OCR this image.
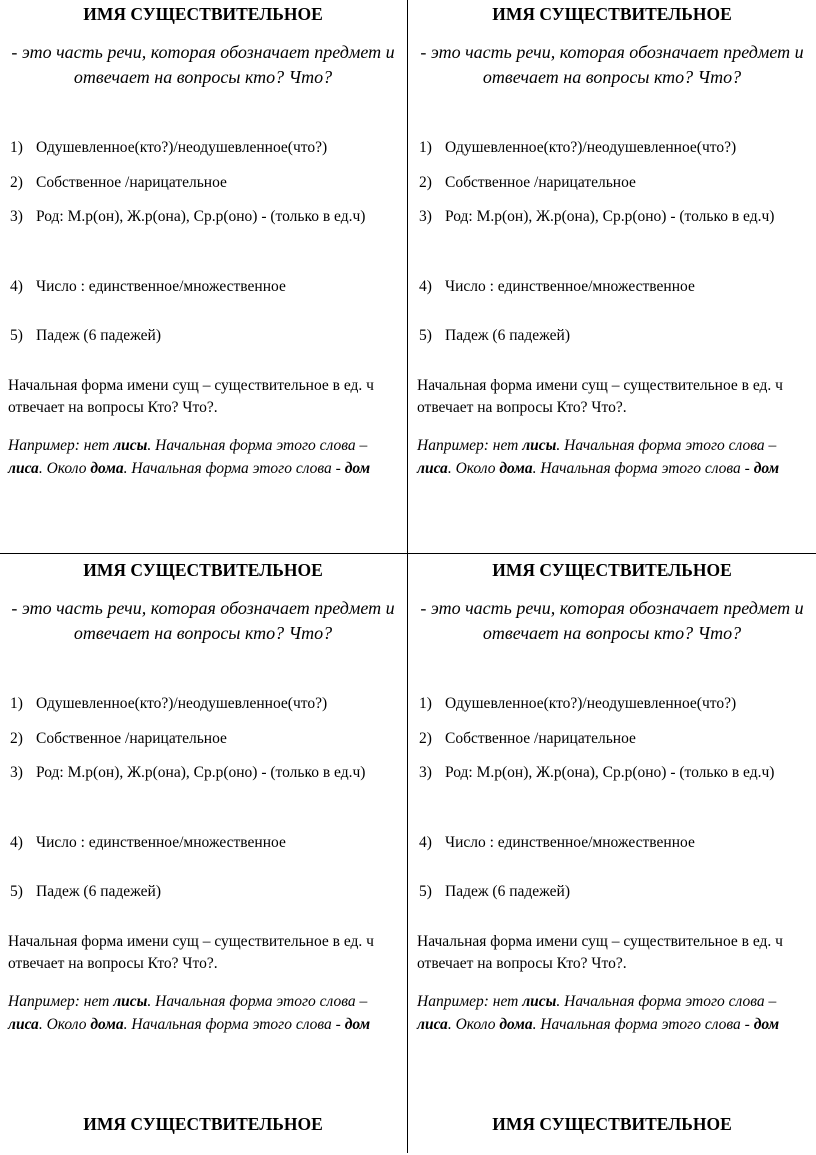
ИМЯ СУЩЕСТВИТЕЛЬНОЕ
- это часть речи, которая обозначает предмет и отвечает на вопросы кто? Что?
1) Одушевленное(кто?)/неодушевленное(что?)
2) Собственное /нарицательное
3) Род: М.р(он), Ж.р(она), Ср.р(оно) - (только в ед.ч)
4) Число : единственное/множественное
5) Падеж (6 падежей)
Начальная форма имени сущ – существительное в ед. ч отвечает на вопросы Кто? Что?.
Например: нет лисы. Начальная форма этого слова – лиса. Около дома. Начальная форма этого слова - дом
ИМЯ СУЩЕСТВИТЕЛЬНОЕ
- это часть речи, которая обозначает предмет и отвечает на вопросы кто? Что?
1) Одушевленное(кто?)/неодушевленное(что?)
2) Собственное /нарицательное
3) Род: М.р(он), Ж.р(она), Ср.р(оно) - (только в ед.ч)
4) Число : единственное/множественное
5) Падеж (6 падежей)
Начальная форма имени сущ – существительное в ед. ч отвечает на вопросы Кто? Что?.
Например: нет лисы. Начальная форма этого слова – лиса. Около дома. Начальная форма этого слова - дом
ИМЯ СУЩЕСТВИТЕЛЬНОЕ
- это часть речи, которая обозначает предмет и отвечает на вопросы кто? Что?
1) Одушевленное(кто?)/неодушевленное(что?)
2) Собственное /нарицательное
3) Род: М.р(он), Ж.р(она), Ср.р(оно) - (только в ед.ч)
4) Число : единственное/множественное
5) Падеж (6 падежей)
Начальная форма имени сущ – существительное в ед. ч отвечает на вопросы Кто? Что?.
Например: нет лисы. Начальная форма этого слова – лиса. Около дома. Начальная форма этого слова - дом
ИМЯ СУЩЕСТВИТЕЛЬНОЕ
- это часть речи, которая обозначает предмет и отвечает на вопросы кто? Что?
1) Одушевленное(кто?)/неодушевленное(что?)
2) Собственное /нарицательное
3) Род: М.р(он), Ж.р(она), Ср.р(оно) - (только в ед.ч)
4) Число : единственное/множественное
5) Падеж (6 падежей)
Начальная форма имени сущ – существительное в ед. ч отвечает на вопросы Кто? Что?.
Например: нет лисы. Начальная форма этого слова – лиса. Около дома. Начальная форма этого слова - дом
ИМЯ СУЩЕСТВИТЕЛЬНОЕ	ИМЯ СУЩЕСТВИТЕЛЬНОЕ
